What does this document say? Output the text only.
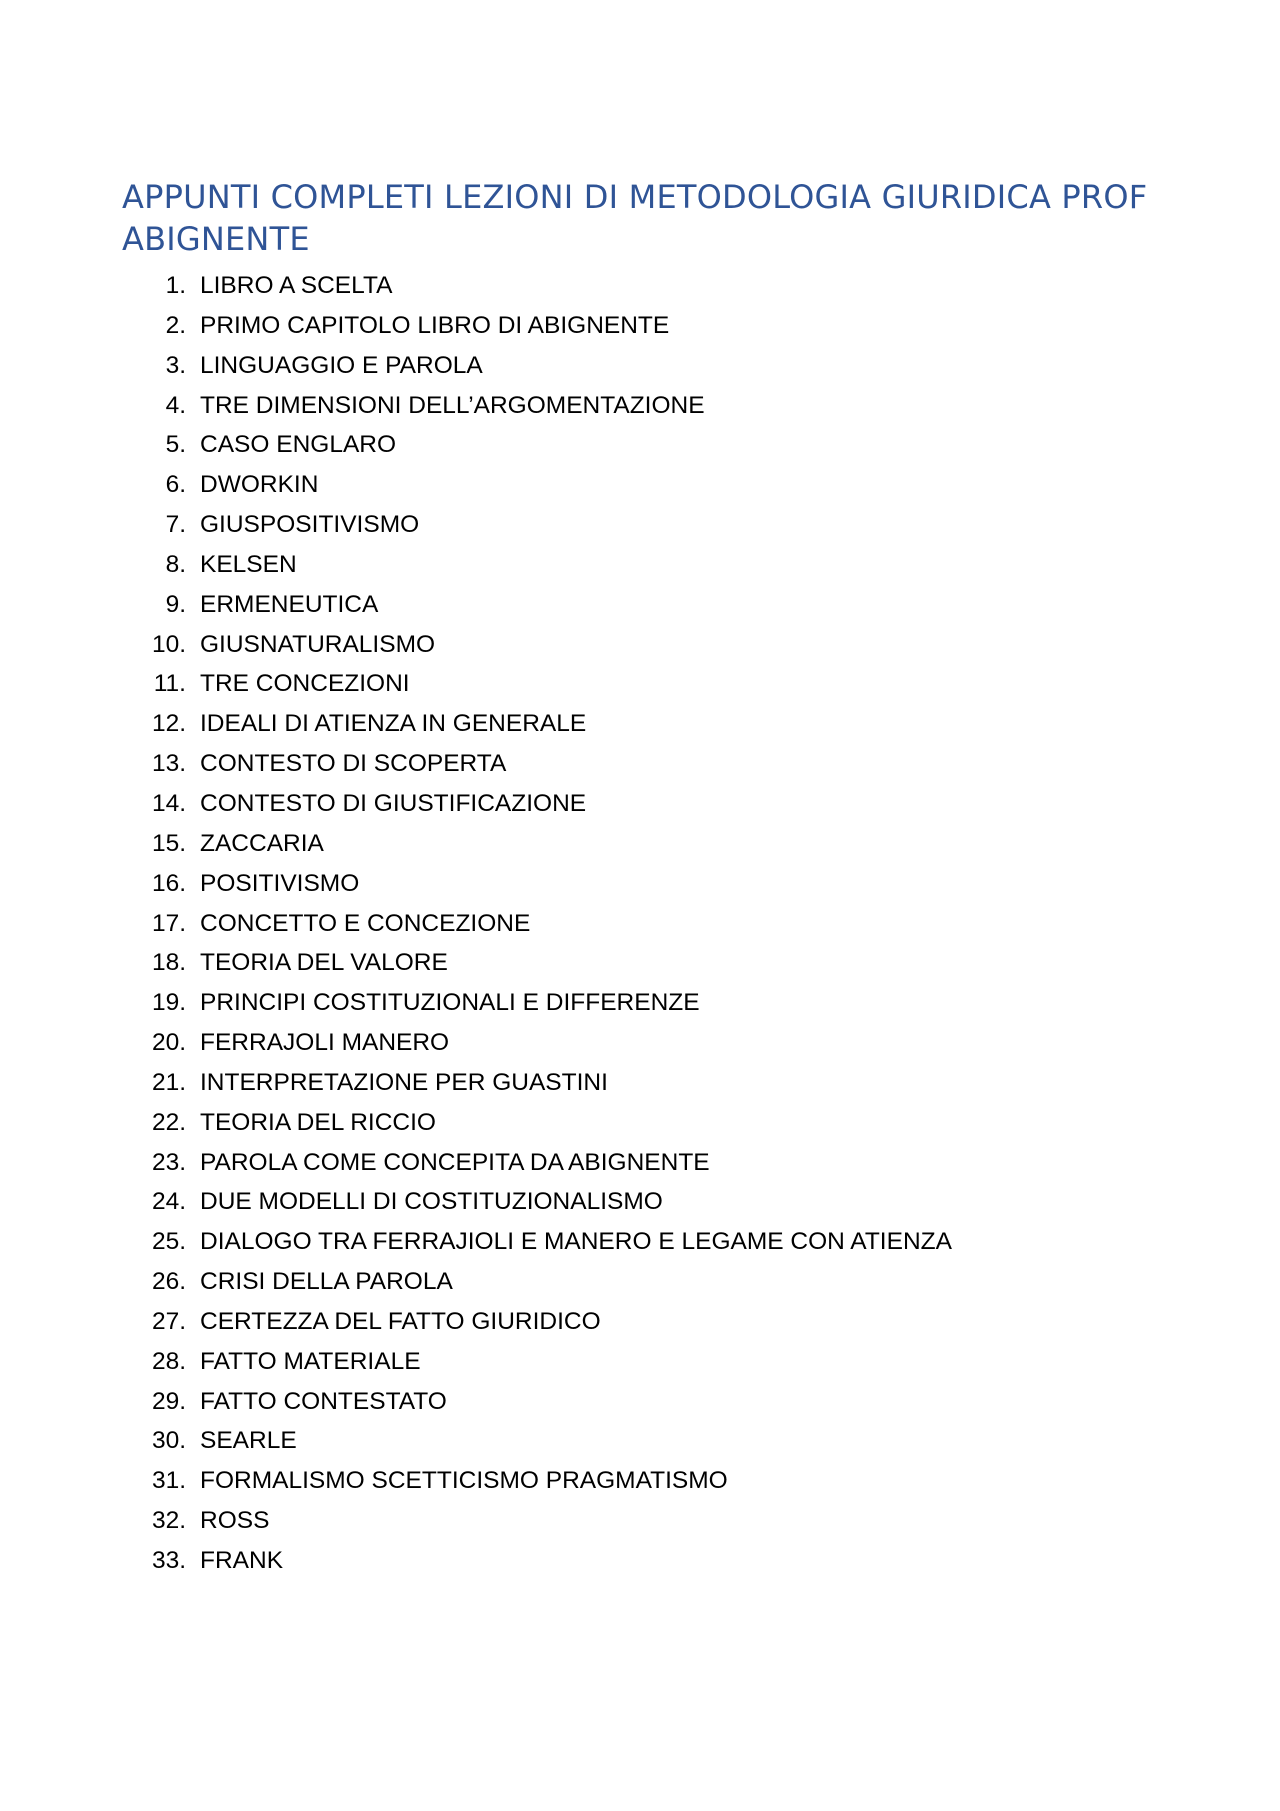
APPUNTI COMPLETI LEZIONI DI METODOLOGIA GIURIDICA PROF ABIGNENTE
1. LIBRO A SCELTA
2. PRIMO CAPITOLO LIBRO DI ABIGNENTE
3. LINGUAGGIO E PAROLA
4. TRE DIMENSIONI DELL’ARGOMENTAZIONE
5. CASO ENGLARO
6. DWORKIN
7. GIUSPOSITIVISMO
8. KELSEN
9. ERMENEUTICA
10. GIUSNATURALISMO
11. TRE CONCEZIONI
12. IDEALI DI ATIENZA IN GENERALE
13. CONTESTO DI SCOPERTA
14. CONTESTO DI GIUSTIFICAZIONE
15. ZACCARIA
16. POSITIVISMO
17. CONCETTO E CONCEZIONE
18. TEORIA DEL VALORE
19. PRINCIPI COSTITUZIONALI E DIFFERENZE
20. FERRAJOLI MANERO
21. INTERPRETAZIONE PER GUASTINI
22. TEORIA DEL RICCIO
23. PAROLA COME CONCEPITA DA ABIGNENTE
24. DUE MODELLI DI COSTITUZIONALISMO
25. DIALOGO TRA FERRAJIOLI E MANERO E LEGAME CON ATIENZA
26. CRISI DELLA PAROLA
27. CERTEZZA DEL FATTO GIURIDICO
28. FATTO MATERIALE
29. FATTO CONTESTATO
30. SEARLE
31. FORMALISMO SCETTICISMO PRAGMATISMO
32. ROSS
33. FRANK
